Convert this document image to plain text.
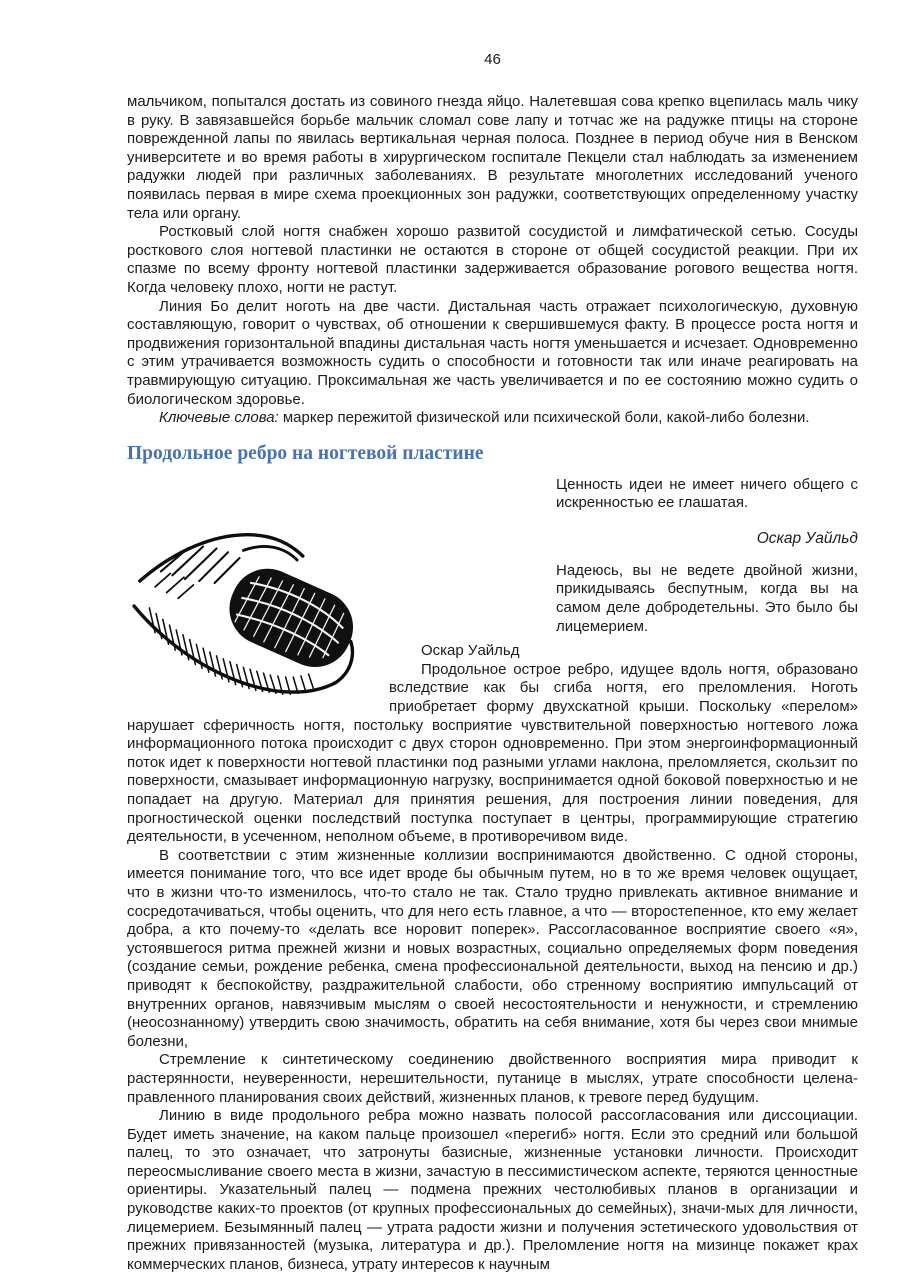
46

мальчиком, попытался достать из совиного гнезда яйцо. Налетевшая сова крепко вцепилась маль чику в руку. В завязавшейся борьбе мальчик сломал сове лапу и тотчас же на радужке птицы на стороне поврежденной лапы по явилась вертикальная черная полоса. Позднее в период обуче ния в Венском университете и во время работы в хирургическом госпитале Пекцели стал наблюдать за изменением радужки людей при различных заболеваниях. В результате многолетних исследований ученого появилась первая в мире схема проекционных зон радужки, соответствующих определенному участку тела или органу.

Ростковый слой ногтя снабжен хорошо развитой сосудистой и лимфатической сетью. Сосуды росткового слоя ногтевой пластинки не остаются в стороне от общей сосудистой реакции. При их спазме по всему фронту ногтевой пластинки задерживается образование рогового вещества ногтя. Когда человеку плохо, ногти не растут.

Линия Бо делит ноготь на две части. Дистальная часть отражает психологическую, духовную составляющую, говорит о чувствах, об отношении к свершившемуся факту. В процессе роста ногтя и продвижения горизонтальной впадины дистальная часть ногтя уменьшается и исчезает. Одновременно с этим утрачивается возможность судить о способности и готовности так или иначе реагировать на травмирующую ситуацию. Проксимальная же часть увеличивается и по ее состоянию можно судить о биологическом здоровье.

Ключевые слова: маркер пережитой физической или психической боли, какой-либо болезни.

Продольное ребро на ногтевой пластине
Ценность идеи не имеет ничего общего с искренностью ее глашатая.
Оскар Уайльд
Надеюсь, вы не ведете двойной жизни, прикидываясь беспутным, когда вы на самом деле добродетельны. Это было бы лицемерием.

Оскар Уайльд

Продольное острое ребро, идущее вдоль ногтя, образовано вследствие как бы сгиба ногтя, его преломления. Ноготь приобретает форму двухскатной крыши. Поскольку «перелом» нарушает сферичность ногтя, постольку восприятие чувствительной поверхностью ногтевого ложа информационного потока происходит с двух сторон одновременно. При этом энергоинформационный поток идет к поверхности ногтевой пластинки под разными углами наклона, преломляется, скользит по поверхности, смазывает информационную нагрузку, воспринимается одной боковой поверхностью и не попадает на другую. Материал для принятия решения, для построения линии поведения, для прогностической оценки последствий поступка поступает в центры, программирующие стратегию деятельности, в усеченном, неполном объеме, в противоречивом виде.

В соответствии с этим жизненные коллизии воспринимаются двойственно. С одной стороны, имеется понимание того, что все идет вроде бы обычным путем, но в то же время человек ощущает, что в жизни что-то изменилось, что-то стало не так. Стало трудно привлекать активное внимание и сосредотачиваться, чтобы оценить, что для него есть главное, а что — второстепенное, кто ему желает добра, а кто почему-то «делать все норовит поперек». Рассогласованное восприятие своего «я», устоявшегося ритма прежней жизни и новых возрастных, социально определяемых форм поведения (создание семьи, рождение ребенка, смена профессиональной деятельности, выход на пенсию и др.) приводят к беспокойству, раздражительной слабости, обо стренному восприятию импульсаций от внутренних органов, навязчивым мыслям о своей несостоятельности и ненужности, и стремлению (неосознанному) утвердить свою значимость, обратить на себя внимание, хотя бы через свои мнимые болезни,

Стремление к синтетическому соединению двойственного восприятия мира приводит к растерянности, неуверенности, нерешительности, путанице в мыслях, утрате способности целена-правленного планирования своих действий, жизненных планов, к тревоге перед будущим.

Линию в виде продольного ребра можно назвать полосой рассогласования или диссоциации. Будет иметь значение, на каком пальце произошел «перегиб» ногтя. Если это средний или большой палец, то это означает, что затронуты базисные, жизненные установки личности. Происходит переосмысливание своего места в жизни, зачастую в пессимистическом аспекте, теряются ценностные ориентиры. Указательный палец — подмена прежних честолюбивых планов в организации и руководстве каких-то проектов (от крупных профессиональных до семейных), значи-мых для личности, лицемерием. Безымянный палец — утрата радости жизни и получения эстетического удовольствия от прежних привязанностей (музыка, литература и др.). Преломление ногтя на мизинце покажет крах коммерческих планов, бизнеса, утрату интересов к научным
